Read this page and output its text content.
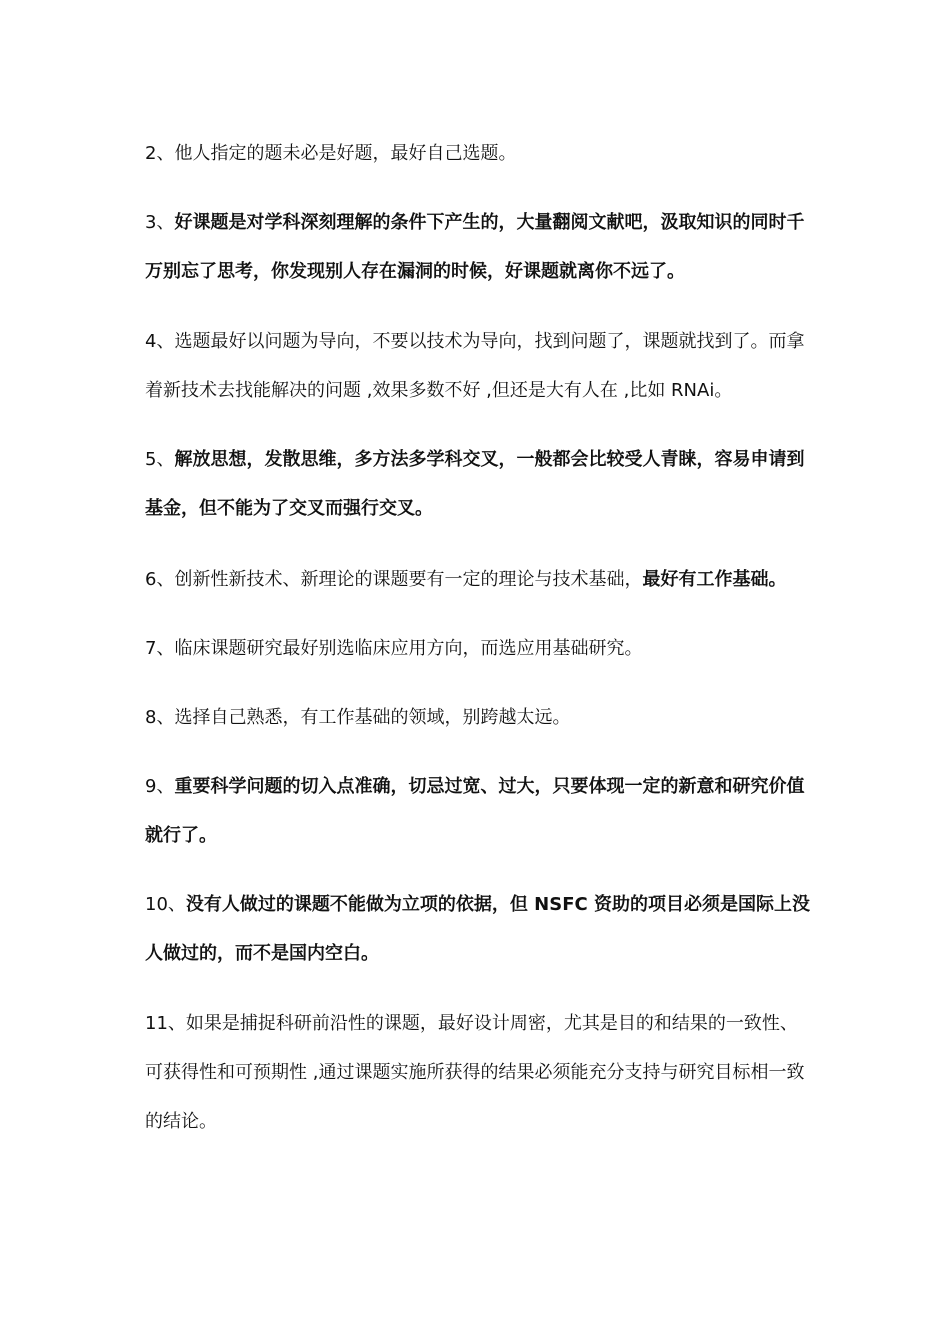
2、他人指定的题未必是好题，最好自己选题。

3、好课题是对学科深刻理解的条件下产生的，大量翻阅文献吧，汲取知识的同时千万别忘了思考，你发现别人存在漏洞的时候，好课题就离你不远了。

4、选题最好以问题为导向，不要以技术为导向，找到问题了，课题就找到了。而拿着新技术去找能解决的问题 ,效果多数不好 ,但还是大有人在 ,比如 RNAi。

5、解放思想，发散思维，多方法多学科交叉，一般都会比较受人青睐，容易申请到基金，但不能为了交叉而强行交叉。

6、创新性新技术、新理论的课题要有一定的理论与技术基础，最好有工作基础。

7、临床课题研究最好别选临床应用方向，而选应用基础研究。

8、选择自己熟悉，有工作基础的领域，别跨越太远。

9、重要科学问题的切入点准确，切忌过宽、过大，只要体现一定的新意和研究价值就行了。

10、没有人做过的课题不能做为立项的依据，但 NSFC 资助的项目必须是国际上没人做过的，而不是国内空白。

11、如果是捕捉科研前沿性的课题，最好设计周密，尤其是目的和结果的一致性、可获得性和可预期性 ,通过课题实施所获得的结果必须能充分支持与研究目标相一致的结论。
